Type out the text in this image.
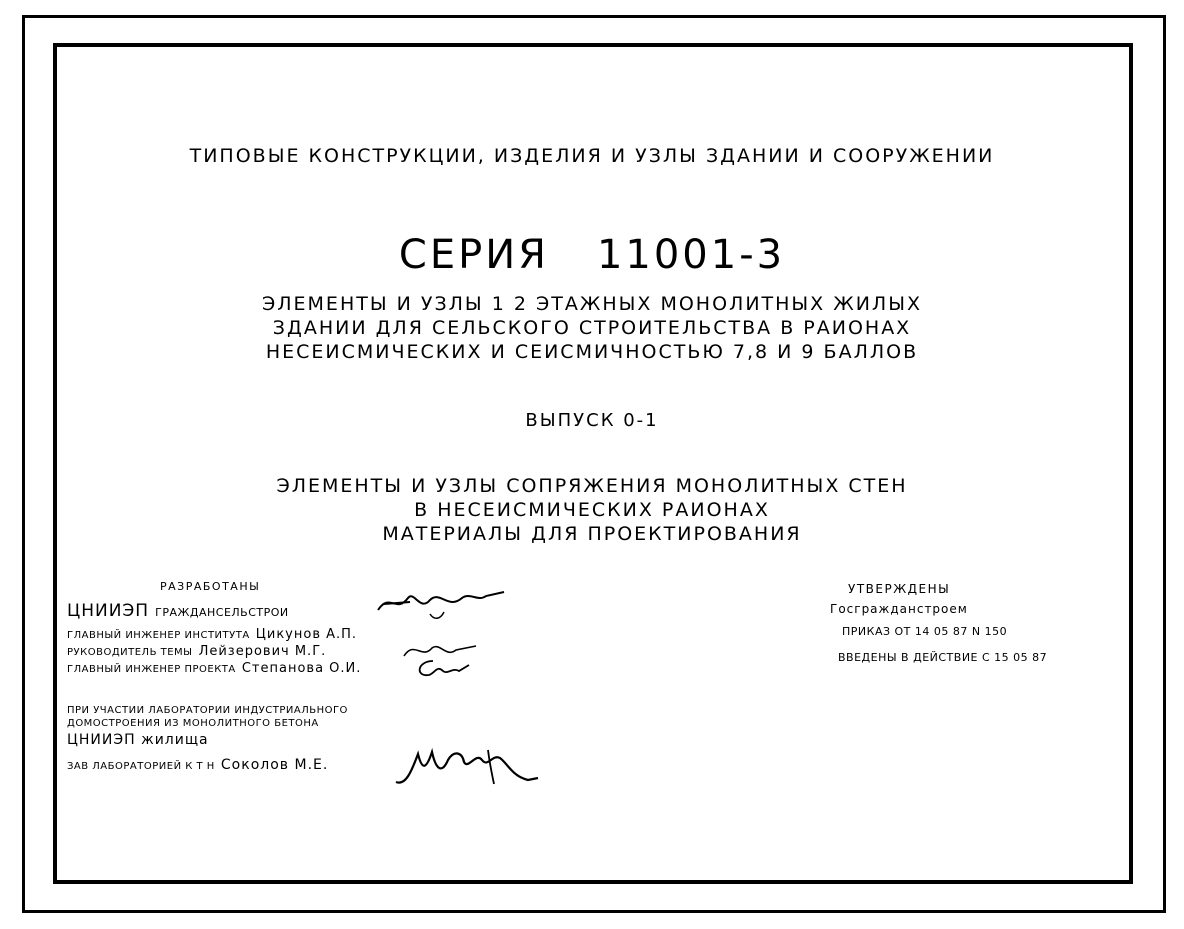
ТИПОВЫЕ КОНСТРУКЦИИ, ИЗДЕЛИЯ И УЗЛЫ ЗДАНИИ И СООРУЖЕНИИ
СЕРИЯ 11001-3
ЭЛЕМЕНТЫ И УЗЛЫ 1 2 ЭТАЖНЫХ МОНОЛИТНЫХ ЖИЛЫХ
ЗДАНИИ ДЛЯ СЕЛЬСКОГО СТРОИТЕЛЬСТВА В РАИОНАХ
НЕСЕИСМИЧЕСКИХ И СЕИСМИЧНОСТЬЮ 7,8 И 9 БАЛЛОВ
ВЫПУСК 0-1
ЭЛЕМЕНТЫ И УЗЛЫ СОПРЯЖЕНИЯ МОНОЛИТНЫХ СТЕН
В НЕСЕИСМИЧЕСКИХ РАИОНАХ
МАТЕРИАЛЫ ДЛЯ ПРОЕКТИРОВАНИЯ
РАЗРАБОТАНЫ
ЦНИИЭП ГРАЖДАНСЕЛЬСТРОИ
ГЛАВНЫЙ ИНЖЕНЕР ИНСТИТУТА Цикунов А.П.
РУКОВОДИТЕЛЬ ТЕМЫ Лейзерович М.Г.
ГЛАВНЫЙ ИНЖЕНЕР ПРОЕКТА Степанова О.И.
ПРИ УЧАСТИИ ЛАБОРАТОРИИ ИНДУСТРИАЛЬНОГО
ДОМОСТРОЕНИЯ ИЗ МОНОЛИТНОГО БЕТОНА
ЦНИИЭП жилища
ЗАВ ЛАБОРАТОРИЕЙ К Т Н Соколов М.Е.
УТВЕРЖДЕНЫ
Госгражданстроем
ПРИКАЗ ОТ 14 05 87 N 150
ВВЕДЕНЫ В ДЕЙСТВИЕ С 15 05 87
